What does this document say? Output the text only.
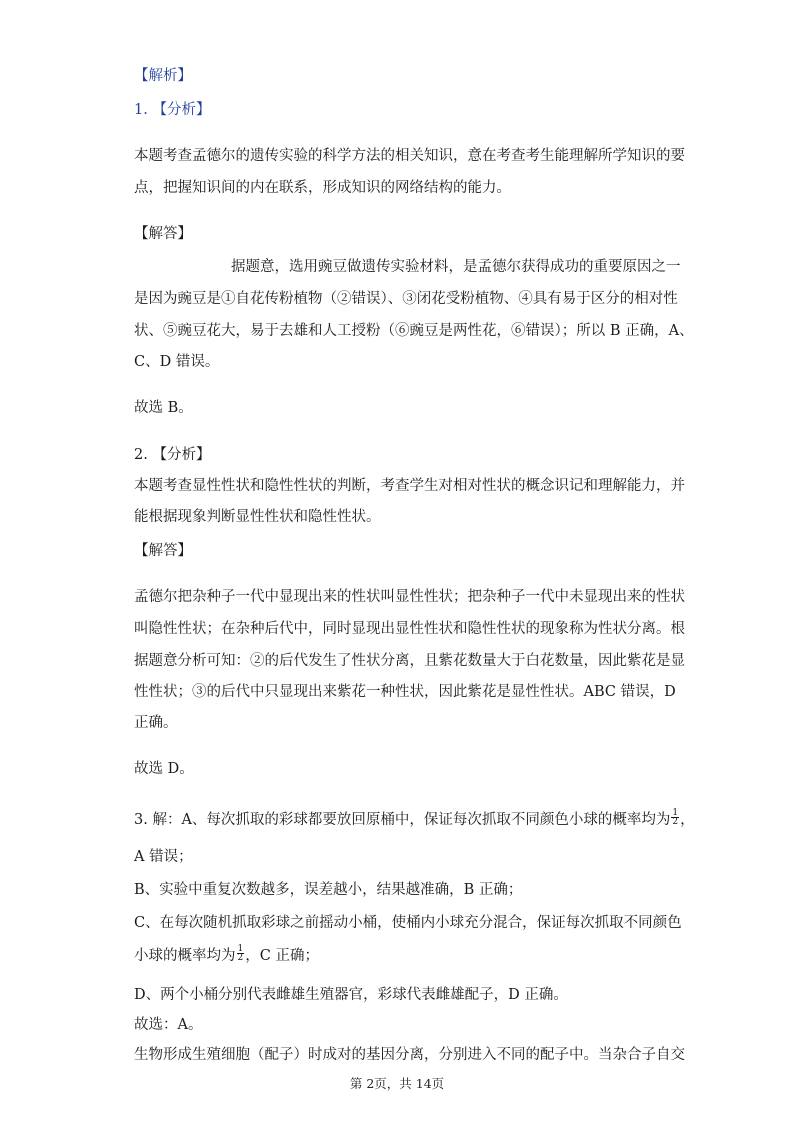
【解析】
1. 【分析】
本题考查孟德尔的遗传实验的科学方法的相关知识，意在考查考生能理解所学知识的要
点，把握知识间的内在联系，形成知识的网络结构的能力。
【解答】
据题意，选用豌豆做遗传实验材料，是孟德尔获得成功的重要原因之一
是因为豌豆是①自花传粉植物（②错误）、③闭花受粉植物、④具有易于区分的相对性
状、⑤豌豆花大，易于去雄和人工授粉（⑥豌豆是两性花，⑥错误）；所以 B 正确，A、
C、D 错误。
故选 B。
2. 【分析】
本题考查显性性状和隐性性状的判断，考查学生对相对性状的概念识记和理解能力，并
能根据现象判断显性性状和隐性性状。
【解答】
孟德尔把杂种子一代中显现出来的性状叫显性性状；把杂种子一代中未显现出来的性状
叫隐性性状；在杂种后代中，同时显现出显性性状和隐性性状的现象称为性状分离。根
据题意分析可知：②的后代发生了性状分离，且紫花数量大于白花数量，因此紫花是显
性性状；③的后代中只显现出来紫花一种性状，因此紫花是显性性状。ABC 错误，D
正确。
故选 D。
3. 解：A、每次抓取的彩球都要放回原桶中，保证每次抓取不同颜色小球的概率均为 $\frac{1}{2}$ ，
A 错误；
B、实验中重复次数越多，误差越小，结果越准确，B 正确；
C、在每次随机抓取彩球之前摇动小桶，使桶内小球充分混合，保证每次抓取不同颜色
小球的概率均为 $\frac{1}{2}$ ，C 正确；
D、两个小桶分别代表雌雄生殖器官，彩球代表雌雄配子，D 正确。
故选：A。
生物形成生殖细胞（配子）时成对的基因分离，分别进入不同的配子中。当杂合子自交
第 2页，共 14页
